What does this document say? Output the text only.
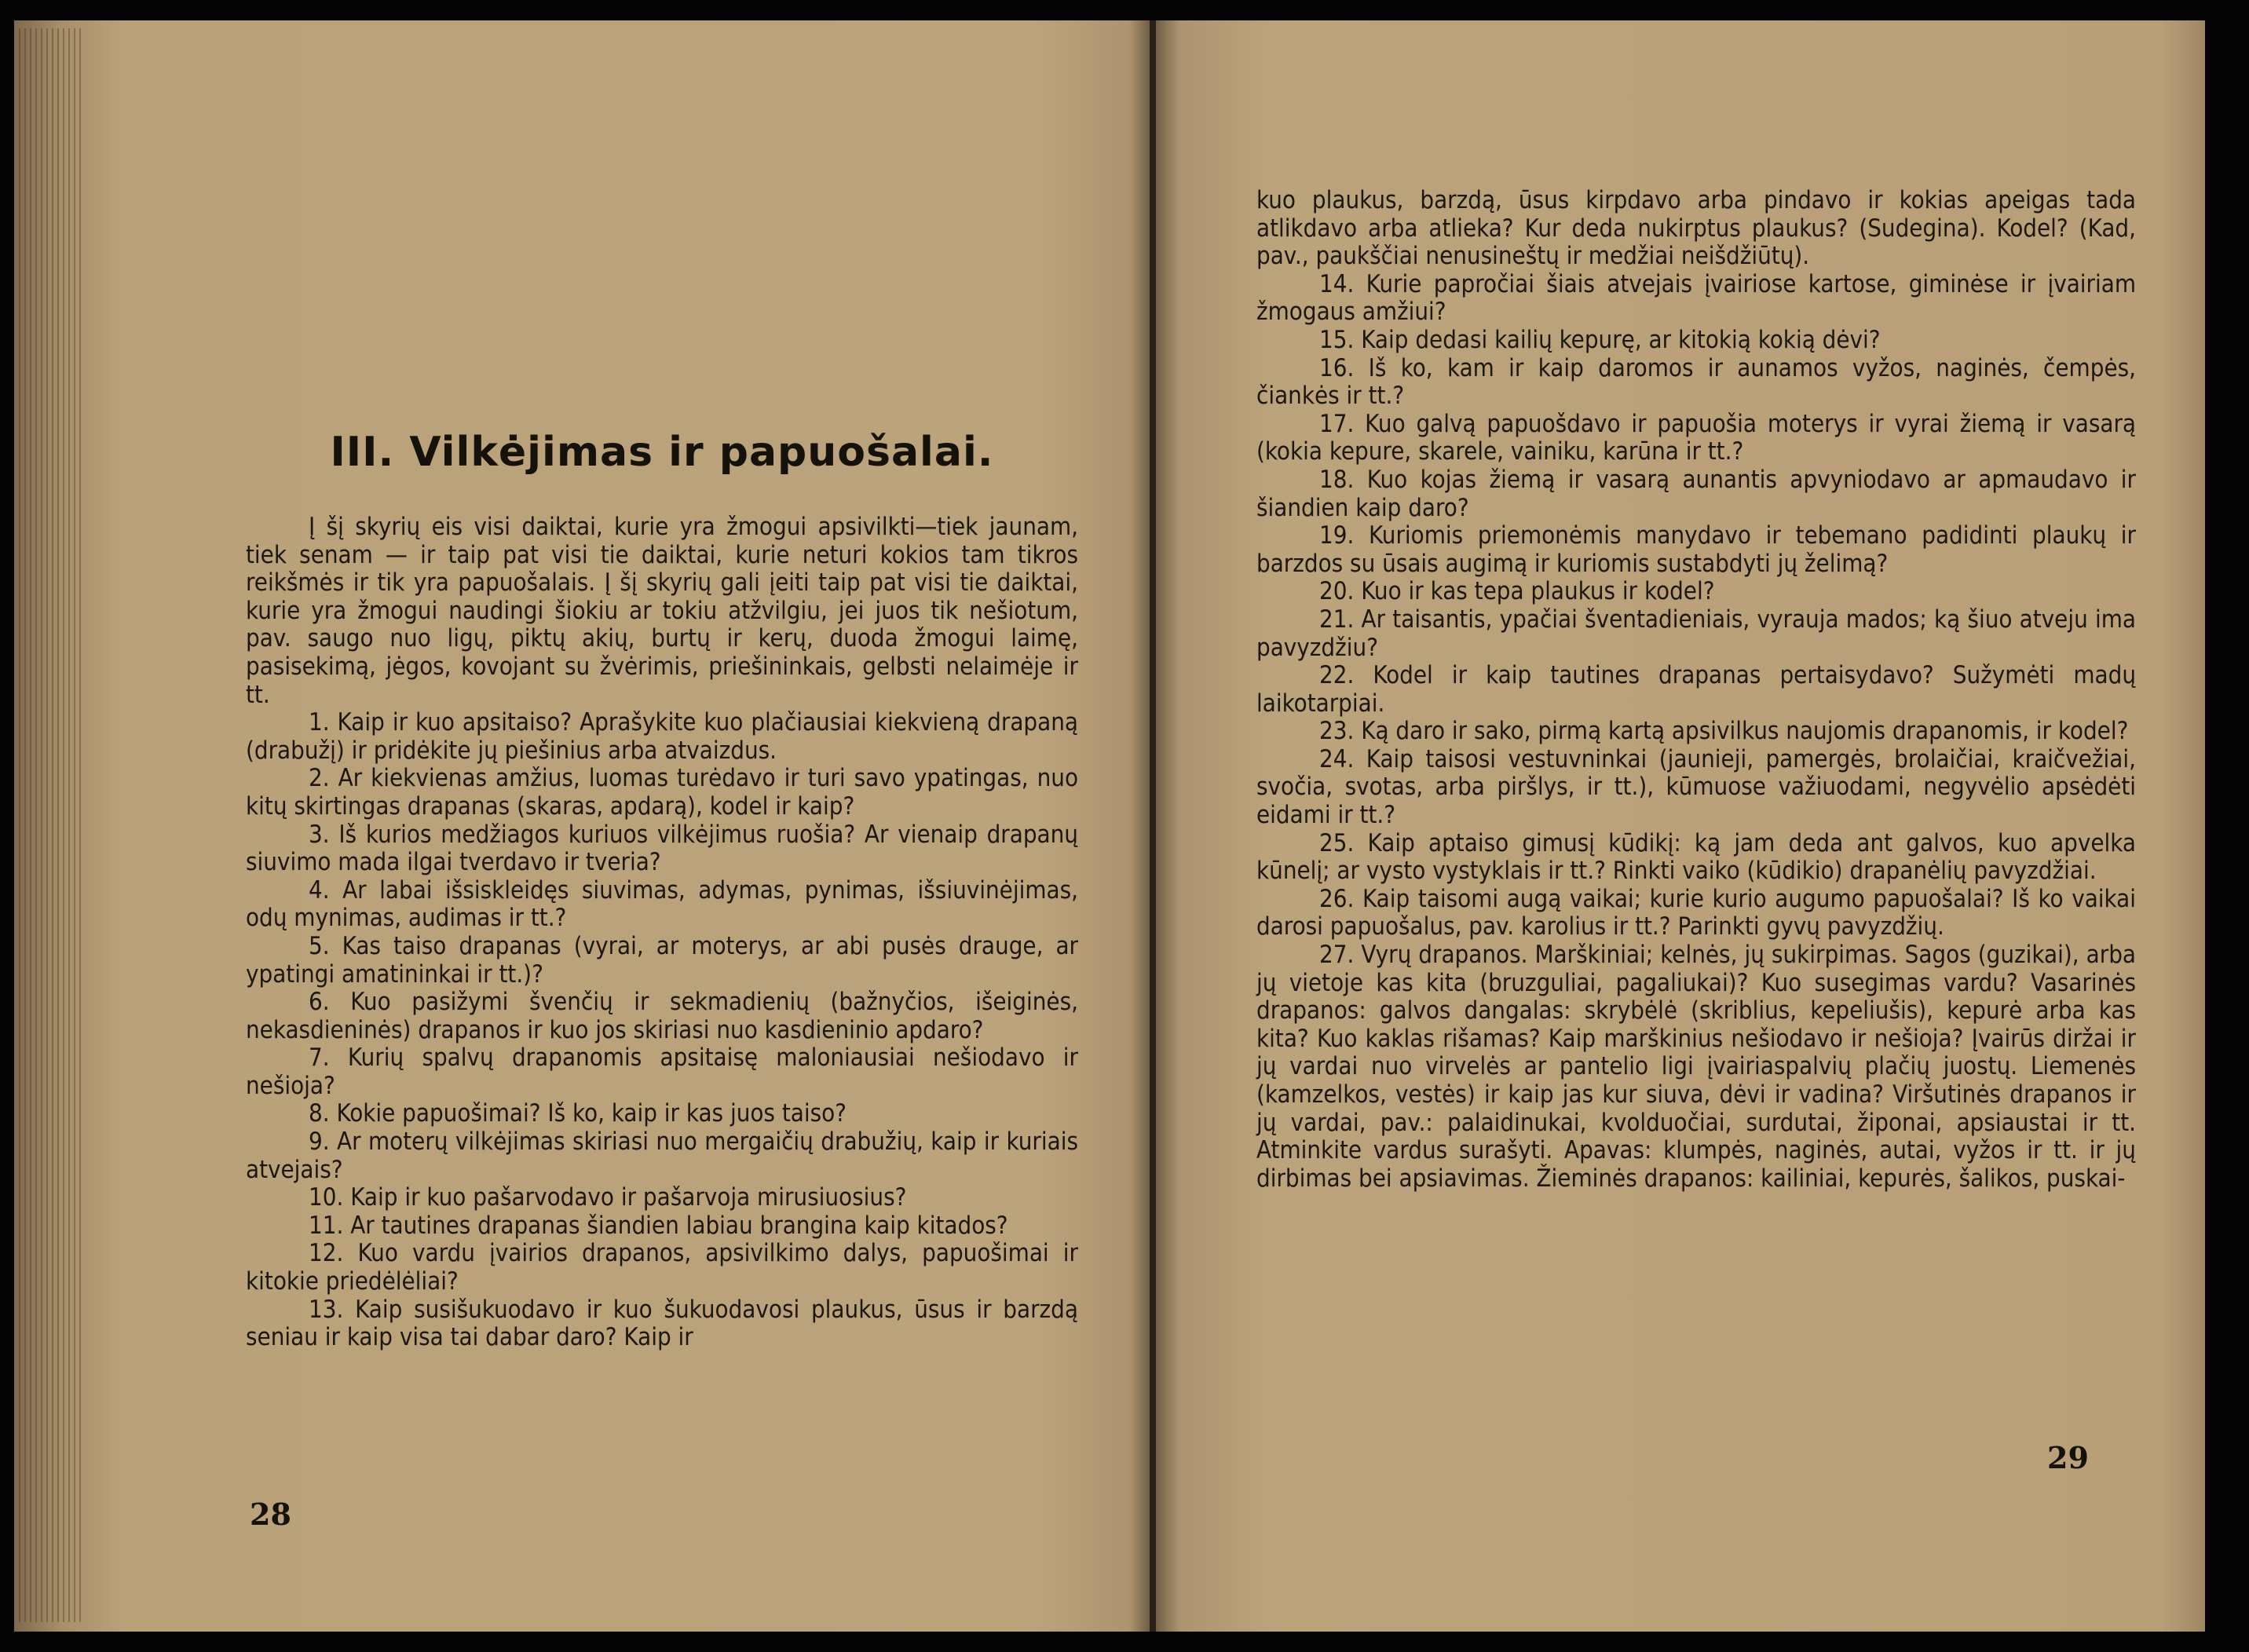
III. Vilkėjimas ir papuošalai.

Į šį skyrių eis visi daiktai, kurie yra žmogui apsivilkti—tiek jaunam, tiek senam — ir taip pat visi tie daiktai, kurie neturi kokios tam tikros reikšmės ir tik yra papuošalais. Į šį skyrių gali įeiti taip pat visi tie daiktai, kurie yra žmogui naudingi šiokiu ar tokiu atžvilgiu, jei juos tik nešiotum, pav. saugo nuo ligų, piktų akių, burtų ir kerų, duoda žmogui laimę, pasisekimą, jėgos, kovojant su žvėrimis, priešininkais, gelbsti nelaimėje ir tt.

1. Kaip ir kuo apsitaiso? Aprašykite kuo plačiausiai kiekvieną drapaną (drabužį) ir pridėkite jų piešinius arba atvaizdus.

2. Ar kiekvienas amžius, luomas turėdavo ir turi savo ypatingas, nuo kitų skirtingas drapanas (skaras, apdarą), kodel ir kaip?

3. Iš kurios medžiagos kuriuos vilkėjimus ruošia? Ar vienaip drapanų siuvimo mada ilgai tverdavo ir tveria?

4. Ar labai išsiskleidęs siuvimas, adymas, pynimas, išsiuvinėjimas, odų mynimas, audimas ir tt.?

5. Kas taiso drapanas (vyrai, ar moterys, ar abi pusės drauge, ar ypatingi amatininkai ir tt.)?

6. Kuo pasižymi švenčių ir sekmadienių (bažnyčios, išeiginės, nekasdieninės) drapanos ir kuo jos skiriasi nuo kasdieninio apdaro?

7. Kurių spalvų drapanomis apsitaisę maloniausiai nešiodavo ir nešioja?

8. Kokie papuošimai? Iš ko, kaip ir kas juos taiso?

9. Ar moterų vilkėjimas skiriasi nuo mergaičių drabužių, kaip ir kuriais atvejais?

10. Kaip ir kuo pašarvodavo ir pašarvoja mirusiuosius?

11. Ar tautines drapanas šiandien labiau brangina kaip kitados?

12. Kuo vardu įvairios drapanos, apsivilkimo dalys, papuošimai ir kitokie priedėlėliai?

13. Kaip susišukuodavo ir kuo šukuodavosi plaukus, ūsus ir barzdą seniau ir kaip visa tai dabar daro? Kaip ir

28

kuo plaukus, barzdą, ūsus kirpdavo arba pindavo ir kokias apeigas tada atlikdavo arba atlieka? Kur deda nukirptus plaukus? (Sudegina). Kodel? (Kad, pav., paukščiai nenusineštų ir medžiai neišdžiūtų).

14. Kurie papročiai šiais atvejais įvairiose kartose, giminėse ir įvairiam žmogaus amžiui?

15. Kaip dedasi kailių kepurę, ar kitokią kokią dėvi?

16. Iš ko, kam ir kaip daromos ir aunamos vyžos, naginės, čempės, čiankės ir tt.?

17. Kuo galvą papuošdavo ir papuošia moterys ir vyrai žiemą ir vasarą (kokia kepure, skarele, vainiku, karūna ir tt.?

18. Kuo kojas žiemą ir vasarą aunantis apvyniodavo ar apmaudavo ir šiandien kaip daro?

19. Kuriomis priemonėmis manydavo ir tebemano padidinti plaukų ir barzdos su ūsais augimą ir kuriomis sustabdyti jų želimą?

20. Kuo ir kas tepa plaukus ir kodel?

21. Ar taisantis, ypačiai šventadieniais, vyrauja mados; ką šiuo atveju ima pavyzdžiu?

22. Kodel ir kaip tautines drapanas pertaisydavo? Sužymėti madų laikotarpiai.

23. Ką daro ir sako, pirmą kartą apsivilkus naujomis drapanomis, ir kodel?

24. Kaip taisosi vestuvninkai (jaunieji, pamergės, brolaičiai, kraičvežiai, svočia, svotas, arba piršlys, ir tt.), kūmuose važiuodami, negyvėlio apsėdėti eidami ir tt.?

25. Kaip aptaiso gimusį kūdikį: ką jam deda ant galvos, kuo apvelka kūnelį; ar vysto vystyklais ir tt.? Rinkti vaiko (kūdikio) drapanėlių pavyzdžiai.

26. Kaip taisomi augą vaikai; kurie kurio augumo papuošalai? Iš ko vaikai darosi papuošalus, pav. karolius ir tt.? Parinkti gyvų pavyzdžių.

27. Vyrų drapanos. Marškiniai; kelnės, jų sukirpimas. Sagos (guzikai), arba jų vietoje kas kita (bruzguliai, pagaliukai)? Kuo susegimas vardu? Vasarinės drapanos: galvos dangalas: skrybėlė (skriblius, kepeliušis), kepurė arba kas kita? Kuo kaklas rišamas? Kaip marškinius nešiodavo ir nešioja? Įvairūs diržai ir jų vardai nuo virvelės ar pantelio ligi įvairiaspalvių plačių juostų. Liemenės (kamzelkos, vestės) ir kaip jas kur siuva, dėvi ir vadina? Viršutinės drapanos ir jų vardai, pav.: palaidinukai, kvolduočiai, surdutai, žiponai, apsiaustai ir tt. Atminkite vardus surašyti. Apavas: klumpės, naginės, autai, vyžos ir tt. ir jų dirbimas bei apsiavimas. Žieminės drapanos: kailiniai, kepurės, šalikos, puskai-

29
